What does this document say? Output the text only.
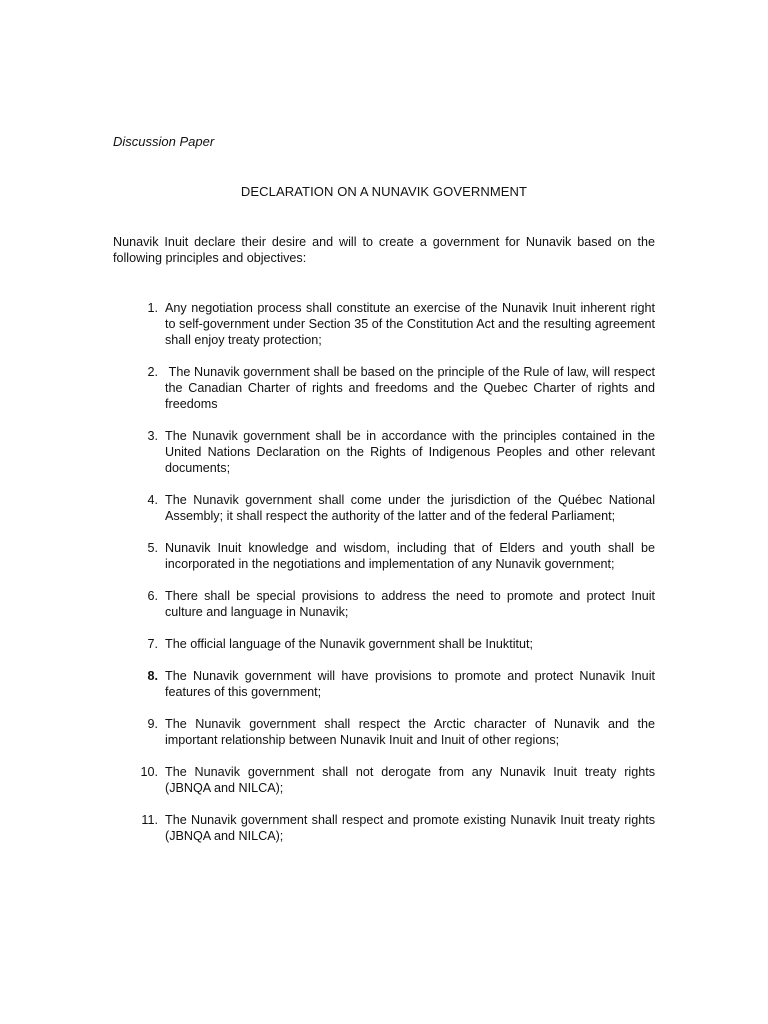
Discussion Paper

DECLARATION ON A NUNAVIK GOVERNMENT

Nunavik Inuit declare their desire and will to create a government for Nunavik based on the following principles and objectives:

1. Any negotiation process shall constitute an exercise of the Nunavik Inuit inherent right to self-government under Section 35 of the Constitution Act and the resulting agreement shall enjoy treaty protection;
2. The Nunavik government shall be based on the principle of the Rule of law, will respect the Canadian Charter of rights and freedoms and the Quebec Charter of rights and freedoms
3. The Nunavik government shall be in accordance with the principles contained in the United Nations Declaration on the Rights of Indigenous Peoples and other relevant documents;
4. The Nunavik government shall come under the jurisdiction of the Québec National Assembly; it shall respect the authority of the latter and of the federal Parliament;
5. Nunavik Inuit knowledge and wisdom, including that of Elders and youth shall be incorporated in the negotiations and implementation of any Nunavik government;
6. There shall be special provisions to address the need to promote and protect Inuit culture and language in Nunavik;
7. The official language of the Nunavik government shall be Inuktitut;
8. The Nunavik government will have provisions to promote and protect Nunavik Inuit features of this government;
9. The Nunavik government shall respect the Arctic character of Nunavik and the important relationship between Nunavik Inuit and Inuit of other regions;
10. The Nunavik government shall not derogate from any Nunavik Inuit treaty rights (JBNQA and NILCA);
11. The Nunavik government shall respect and promote existing Nunavik Inuit treaty rights (JBNQA and NILCA);
